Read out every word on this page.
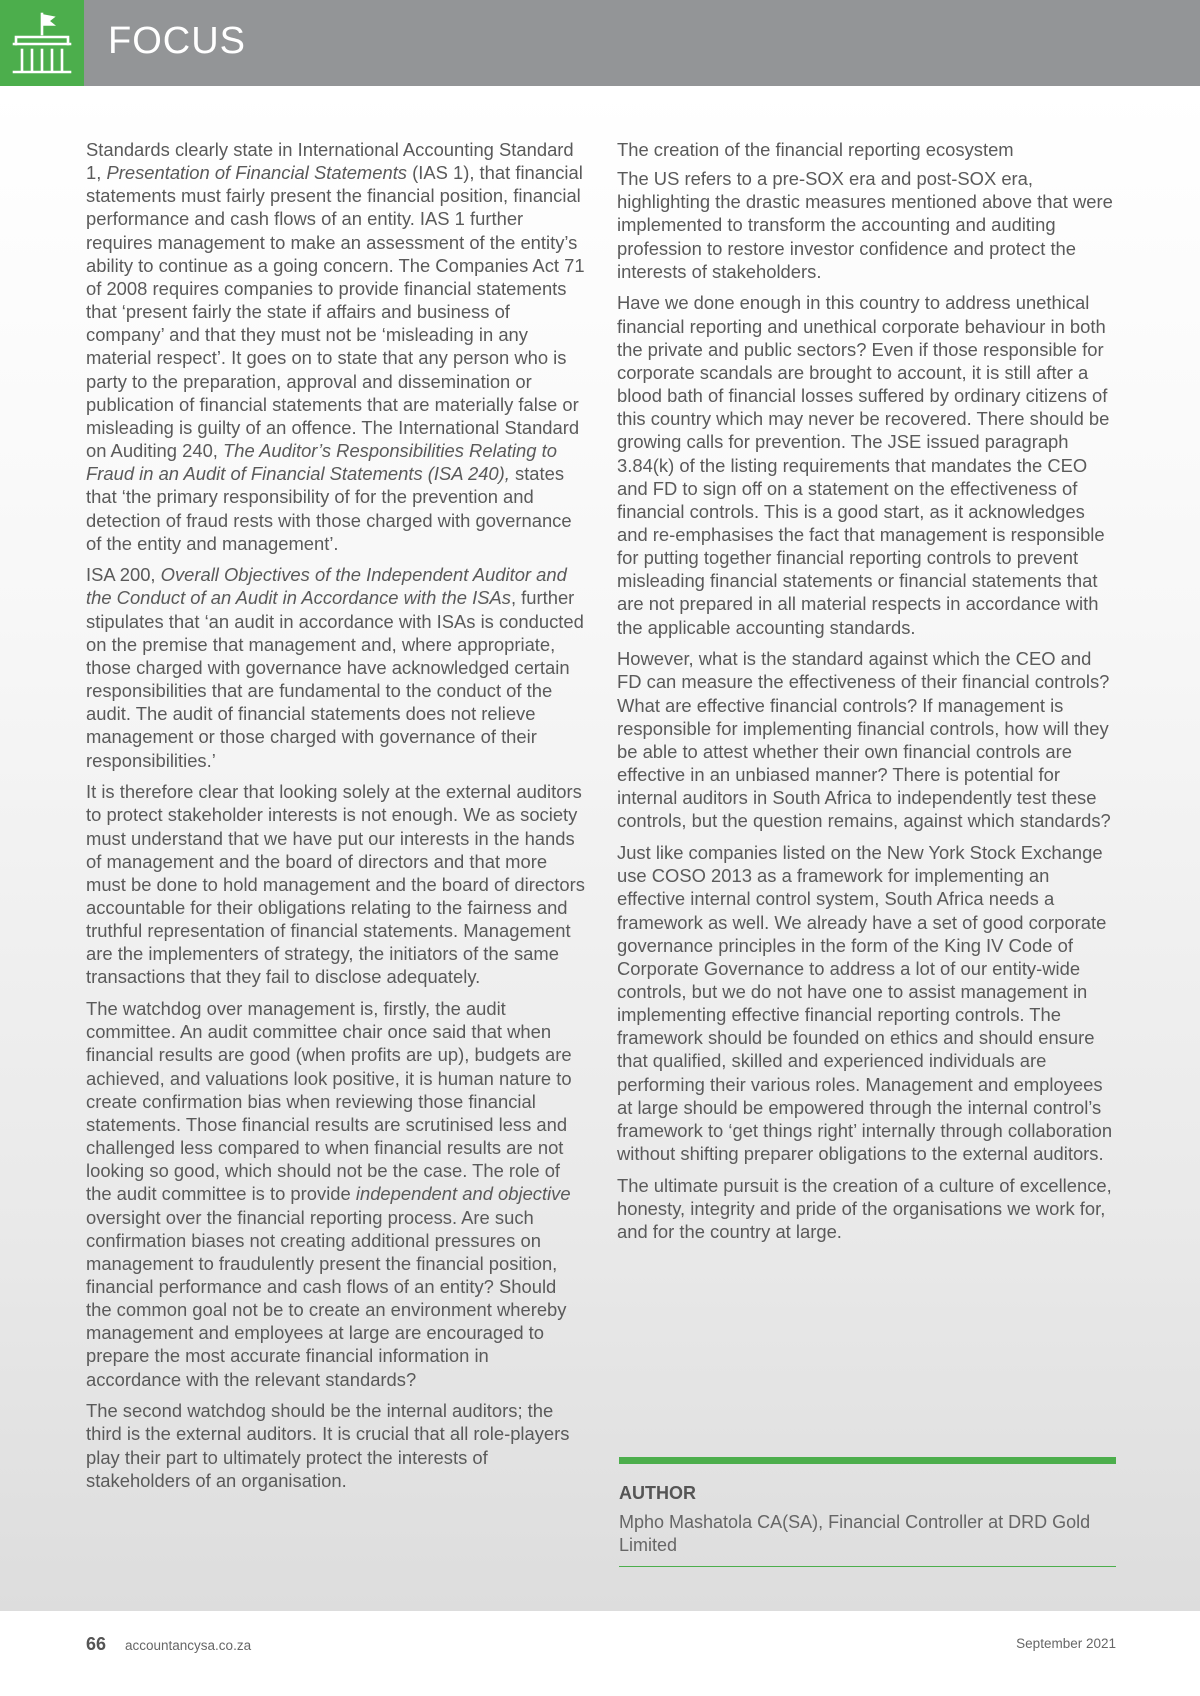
FOCUS

Standards clearly state in International Accounting Standard 1, Presentation of Financial Statements (IAS 1), that financial statements must fairly present the financial position, financial performance and cash flows of an entity. IAS 1 further requires management to make an assessment of the entity’s ability to continue as a going concern. The Companies Act 71 of 2008 requires companies to provide financial statements that ‘present fairly the state if affairs and business of company’ and that they must not be ‘misleading in any material respect’. It goes on to state that any person who is party to the preparation, approval and dissemination or publication of financial statements that are materially false or misleading is guilty of an offence. The International Standard on Auditing 240, The Auditor’s Responsibilities Relating to Fraud in an Audit of Financial Statements (ISA 240), states that ‘the primary responsibility of for the prevention and detection of fraud rests with those charged with governance of the entity and management’.

ISA 200, Overall Objectives of the Independent Auditor and the Conduct of an Audit in Accordance with the ISAs, further stipulates that ‘an audit in accordance with ISAs is conducted on the premise that management and, where appropriate, those charged with governance have acknowledged certain responsibilities that are fundamental to the conduct of the audit. The audit of financial statements does not relieve management or those charged with governance of their responsibilities.’

It is therefore clear that looking solely at the external auditors to protect stakeholder interests is not enough. We as society must understand that we have put our interests in the hands of management and the board of directors and that more must be done to hold management and the board of directors accountable for their obligations relating to the fairness and truthful representation of financial statements. Management are the implementers of strategy, the initiators of the same transactions that they fail to disclose adequately.

The watchdog over management is, firstly, the audit committee. An audit committee chair once said that when financial results are good (when profits are up), budgets are achieved, and valuations look positive, it is human nature to create confirmation bias when reviewing those financial statements. Those financial results are scrutinised less and challenged less compared to when financial results are not looking so good, which should not be the case. The role of the audit committee is to provide independent and objective oversight over the financial reporting process. Are such confirmation biases not creating additional pressures on management to fraudulently present the financial position, financial performance and cash flows of an entity? Should the common goal not be to create an environment whereby management and employees at large are encouraged to prepare the most accurate financial information in accordance with the relevant standards?

The second watchdog should be the internal auditors; the third is the external auditors. It is crucial that all role-players play their part to ultimately protect the interests of stakeholders of an organisation.

The creation of the financial reporting ecosystem

The US refers to a pre-SOX era and post-SOX era, highlighting the drastic measures mentioned above that were implemented to transform the accounting and auditing profession to restore investor confidence and protect the interests of stakeholders.

Have we done enough in this country to address unethical financial reporting and unethical corporate behaviour in both the private and public sectors? Even if those responsible for corporate scandals are brought to account, it is still after a blood bath of financial losses suffered by ordinary citizens of this country which may never be recovered. There should be growing calls for prevention. The JSE issued paragraph 3.84(k) of the listing requirements that mandates the CEO and FD to sign off on a statement on the effectiveness of financial controls. This is a good start, as it acknowledges and re-emphasises the fact that management is responsible for putting together financial reporting controls to prevent misleading financial statements or financial statements that are not prepared in all material respects in accordance with the applicable accounting standards.

However, what is the standard against which the CEO and FD can measure the effectiveness of their financial controls? What are effective financial controls? If management is responsible for implementing financial controls, how will they be able to attest whether their own financial controls are effective in an unbiased manner? There is potential for internal auditors in South Africa to independently test these controls, but the question remains, against which standards?

Just like companies listed on the New York Stock Exchange use COSO 2013 as a framework for implementing an effective internal control system, South Africa needs a framework as well. We already have a set of good corporate governance principles in the form of the King IV Code of Corporate Governance to address a lot of our entity-wide controls, but we do not have one to assist management in implementing effective financial reporting controls. The framework should be founded on ethics and should ensure that qualified, skilled and experienced individuals are performing their various roles. Management and employees at large should be empowered through the internal control’s framework to ‘get things right’ internally through collaboration without shifting preparer obligations to the external auditors.

The ultimate pursuit is the creation of a culture of excellence, honesty, integrity and pride of the organisations we work for, and for the country at large.

AUTHOR
Mpho Mashatola CA(SA), Financial Controller at DRD Gold Limited
66 accountancysa.co.za	September 2021
